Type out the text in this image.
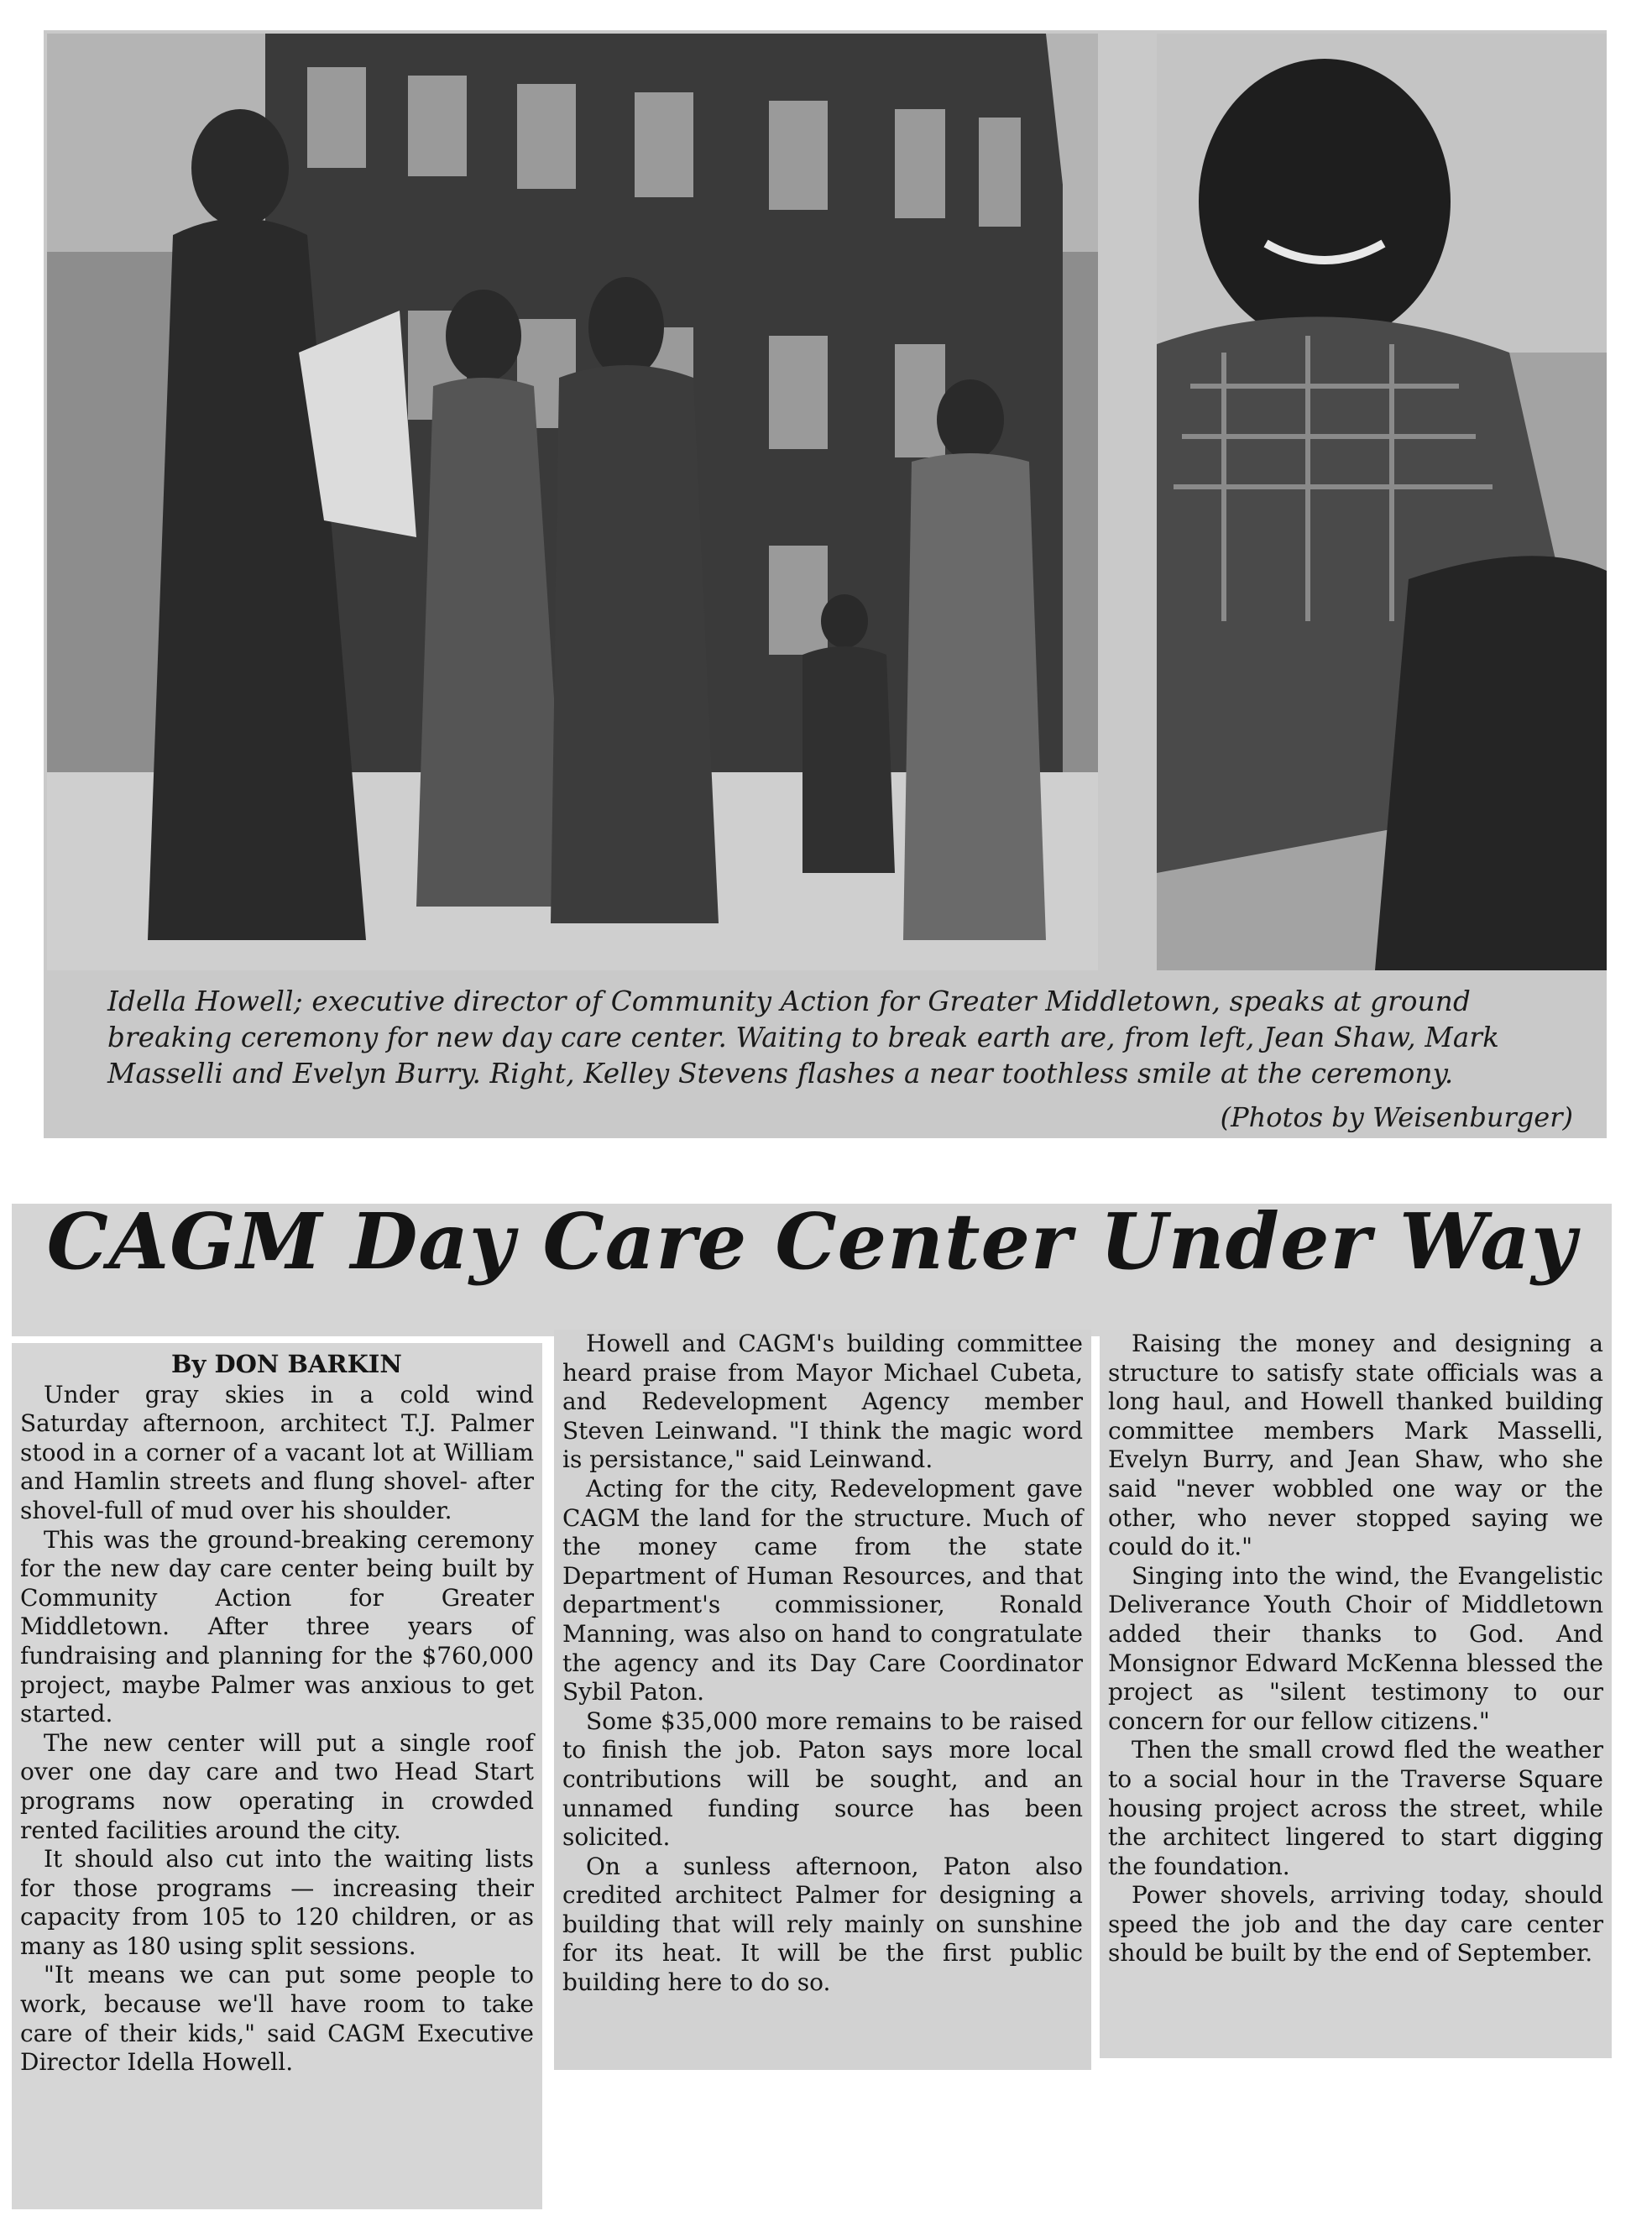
Idella Howell; executive director of Community Action for Greater Middletown, speaks at ground breaking ceremony for new day care center. Waiting to break earth are, from left, Jean Shaw, Mark Masselli and Evelyn Burry. Right, Kelley Stevens flashes a near toothless smile at the ceremony.
(Photos by Weisenburger)
CAGM Day Care Center Under Way

By DON BARKIN

Under gray skies in a cold wind Saturday afternoon, architect T.J. Palmer stood in a corner of a vacant lot at William and Hamlin streets and flung shovel- after shovel-full of mud over his shoulder.

This was the ground-breaking ceremony for the new day care center being built by Community Action for Greater Middletown. After three years of fundraising and planning for the $760,000 project, maybe Palmer was anxious to get started.

The new center will put a single roof over one day care and two Head Start programs now operating in crowded rented facilities around the city.

It should also cut into the waiting lists for those programs — increasing their capacity from 105 to 120 children, or as many as 180 using split sessions.

"It means we can put some people to work, because we'll have room to take care of their kids," said CAGM Executive Director Idella Howell.

Howell and CAGM's building committee heard praise from Mayor Michael Cubeta, and Redevelopment Agency member Steven Leinwand. "I think the magic word is persistance," said Leinwand.

Acting for the city, Redevelopment gave CAGM the land for the structure. Much of the money came from the state Department of Human Resources, and that department's commissioner, Ronald Manning, was also on hand to congratulate the agency and its Day Care Coordinator Sybil Paton.

Some $35,000 more remains to be raised to finish the job. Paton says more local contributions will be sought, and an unnamed funding source has been solicited.

On a sunless afternoon, Paton also credited architect Palmer for designing a building that will rely mainly on sunshine for its heat. It will be the first public building here to do so.

Raising the money and designing a structure to satisfy state officials was a long haul, and Howell thanked building committee members Mark Masselli, Evelyn Burry, and Jean Shaw, who she said "never wobbled one way or the other, who never stopped saying we could do it."

Singing into the wind, the Evangelistic Deliverance Youth Choir of Middletown added their thanks to God. And Monsignor Edward McKenna blessed the project as "silent testimony to our concern for our fellow citizens."

Then the small crowd fled the weather to a social hour in the Traverse Square housing project across the street, while the architect lingered to start digging the foundation.

Power shovels, arriving today, should speed the job and the day care center should be built by the end of September.
